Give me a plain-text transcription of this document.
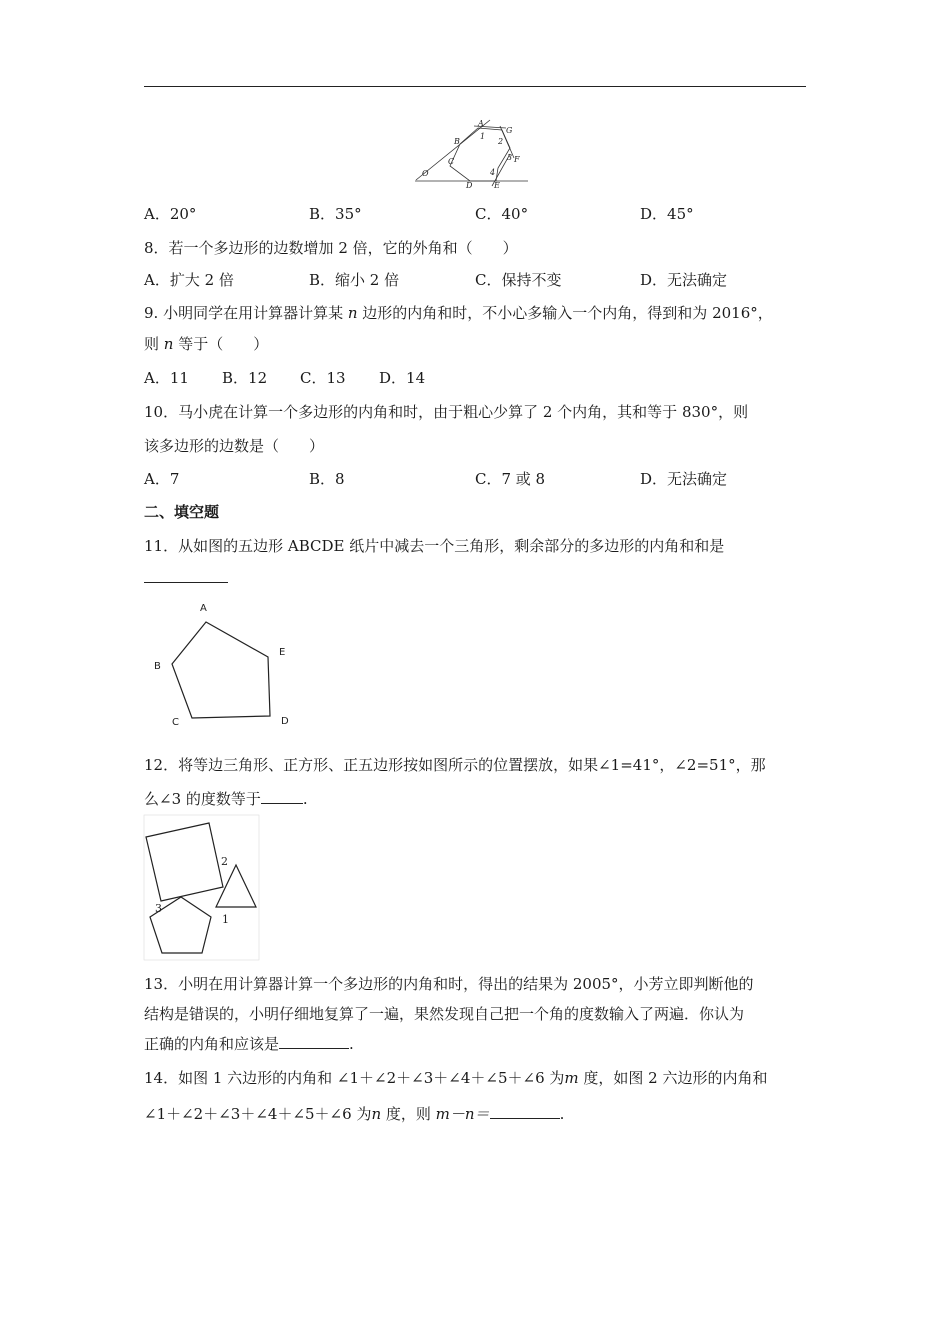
A
G
B
C
O
D	E
F
1
2
3
4
A．20°	B．35°	C．40°	D．45°
8．若一个多边形的边数增加 2 倍，它的外角和（　　）
A．扩大 2 倍	B．缩小 2 倍	C．保持不变	D．无法确定
9. 小明同学在用计算器计算某 n 边形的内角和时，不小心多输入一个内角，得到和为 2016°，
则 n 等于（　　）
A．11 B．12 C．13 D．14
10．马小虎在计算一个多边形的内角和时，由于粗心少算了 2 个内角，其和等于 830°，则
该多边形的边数是（　　）
A．7	B．8	C．7 或 8	D．无法确定
二、填空题
11．从如图的五边形 ABCDE 纸片中减去一个三角形，剩余部分的多边形的内角和和是
A
B
C	D
E
12．将等边三角形、正方形、正五边形按如图所示的位置摆放，如果∠1=41°，∠2=51°，那
么∠3 的度数等于	.
2
1
3
13．小明在用计算器计算一个多边形的内角和时，得出的结果为 2005°，小芳立即判断他的
结构是错误的，小明仔细地复算了一遍，果然发现自己把一个角的度数输入了两遍．你认为
正确的内角和应该是	.
14．如图 1 六边形的内角和 ∠1＋∠2＋∠3＋∠4＋∠5＋∠6 为m 度，如图 2 六边形的内角和
∠1＋∠2＋∠3＋∠4＋∠5＋∠6 为n 度，则 m－n＝	.
